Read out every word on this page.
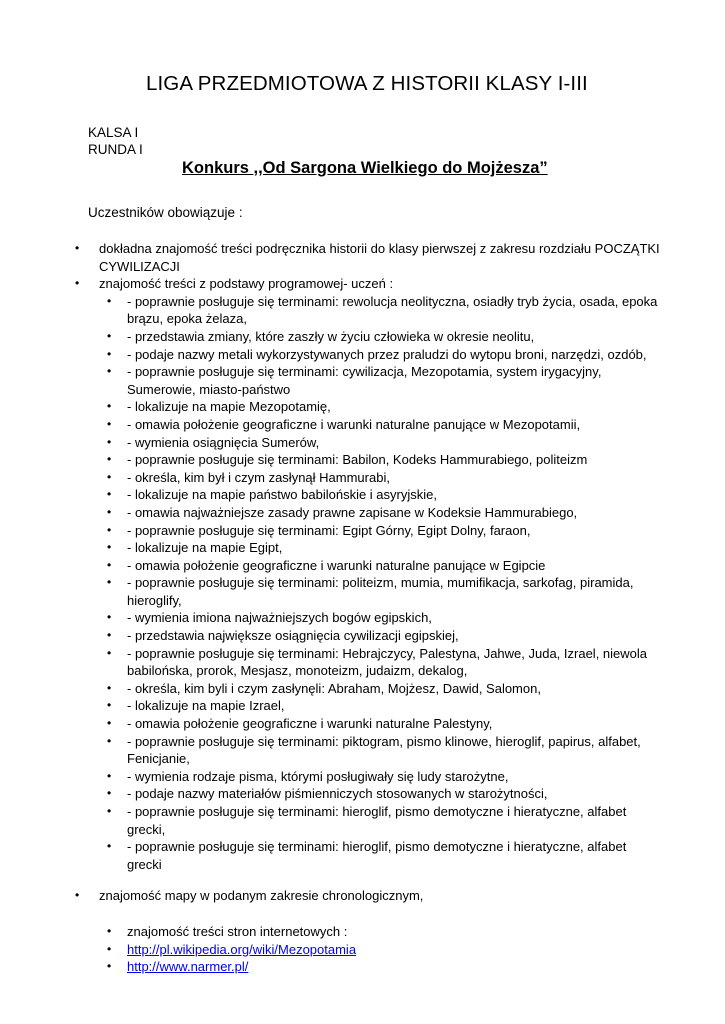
LIGA PRZEDMIOTOWA Z HISTORII KLASY I-III
KALSA I
RUNDA I
Konkurs ,,Od Sargona Wielkiego do Mojżesza”
Uczestników obowiązuje :
• dokładna znajomość treści podręcznika historii do klasy pierwszej z zakresu rozdziału POCZĄTKI CYWILIZACJI
• znajomość treści z podstawy programowej- uczeń :
• - poprawnie posługuje się terminami: rewolucja neolityczna, osiadły tryb życia, osada, epoka brązu, epoka żelaza,
• - przedstawia zmiany, które zaszły w życiu człowieka w okresie neolitu,
• - podaje nazwy metali wykorzystywanych przez praludzi do wytopu broni, narzędzi, ozdób,
• - poprawnie posługuje się terminami: cywilizacja, Mezopotamia, system irygacyjny, Sumerowie, miasto-państwo
• - lokalizuje na mapie Mezopotamię,
• - omawia położenie geograficzne i warunki naturalne panujące w Mezopotamii,
• - wymienia osiągnięcia Sumerów,
• - poprawnie posługuje się terminami: Babilon, Kodeks Hammurabiego, politeizm
• - określa, kim był i czym zasłynął Hammurabi,
• - lokalizuje na mapie państwo babilońskie i asyryjskie,
• - omawia najważniejsze zasady prawne zapisane w Kodeksie Hammurabiego,
• - poprawnie posługuje się terminami: Egipt Górny, Egipt Dolny, faraon,
• - lokalizuje na mapie Egipt,
• - omawia położenie geograficzne i warunki naturalne panujące w Egipcie
• - poprawnie posługuje się terminami: politeizm, mumia, mumifikacja, sarkofag, piramida, hieroglify,
• - wymienia imiona najważniejszych bogów egipskich,
• - przedstawia największe osiągnięcia cywilizacji egipskiej,
• - poprawnie posługuje się terminami: Hebrajczycy, Palestyna, Jahwe, Juda, Izrael, niewola babilońska, prorok, Mesjasz, monoteizm, judaizm, dekalog,
• - określa, kim byli i czym zasłynęli: Abraham, Mojżesz, Dawid, Salomon,
• - lokalizuje na mapie Izrael,
• - omawia położenie geograficzne i warunki naturalne Palestyny,
• - poprawnie posługuje się terminami: piktogram, pismo klinowe, hieroglif, papirus, alfabet, Fenicjanie,
• - wymienia rodzaje pisma, którymi posługiwały się ludy starożytne,
• - podaje nazwy materiałów piśmienniczych stosowanych w starożytności,
• - poprawnie posługuje się terminami: hieroglif, pismo demotyczne i hieratyczne, alfabet grecki,
• - poprawnie posługuje się terminami: hieroglif, pismo demotyczne i hieratyczne, alfabet grecki
• znajomość mapy w podanym zakresie chronologicznym,
• znajomość treści stron internetowych :
• http://pl.wikipedia.org/wiki/Mezopotamia
• http://www.narmer.pl/
